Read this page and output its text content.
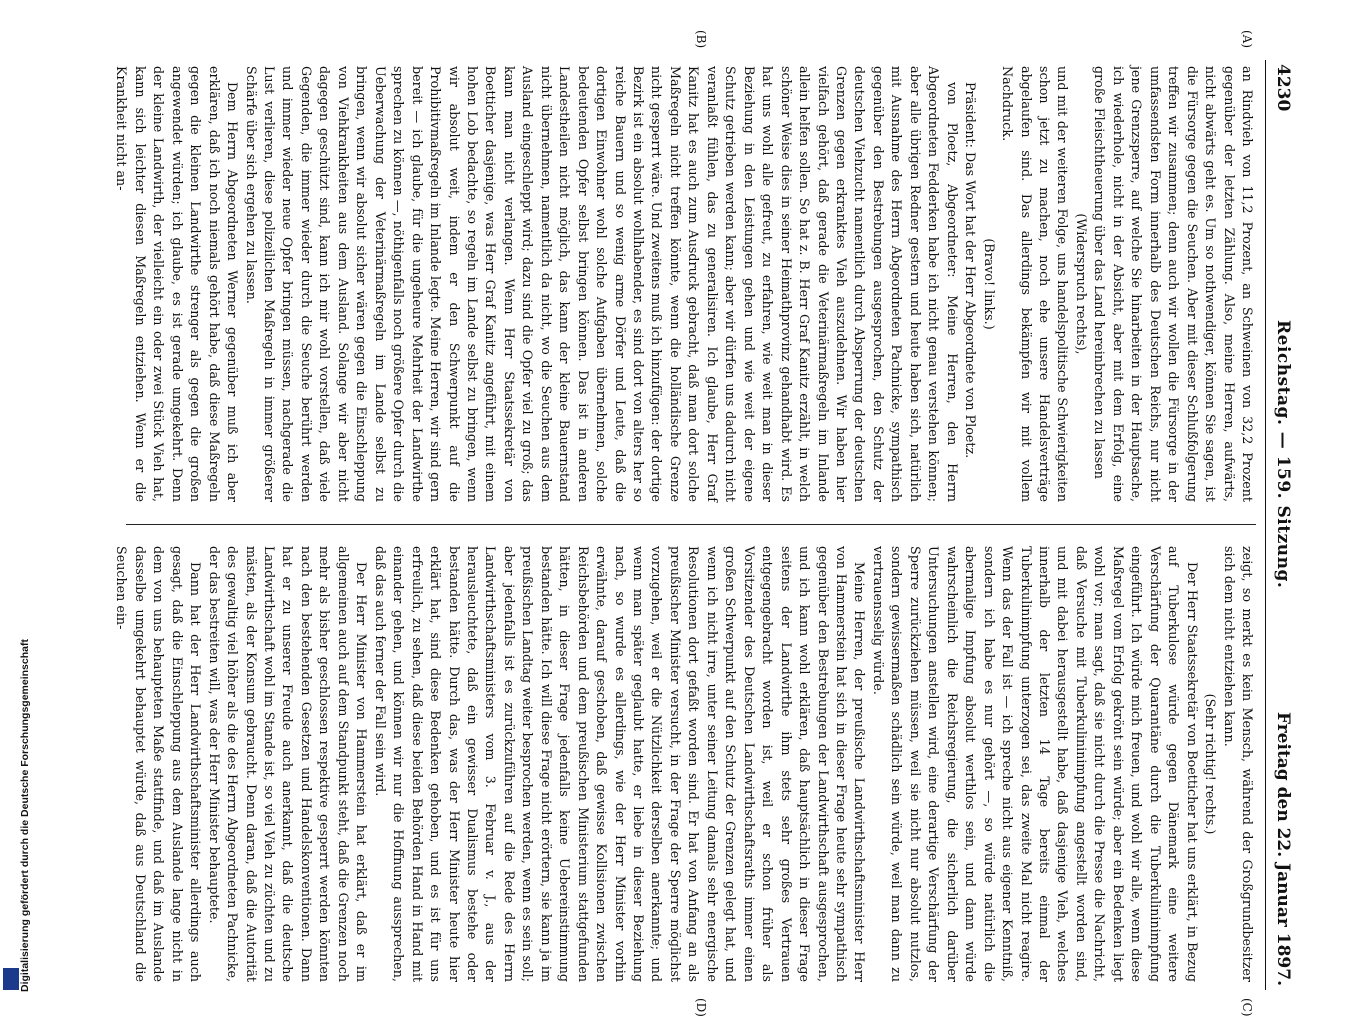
4230
Reichstag. — 159. Sitzung.
Freitag den 22. Januar 1897.
(A)
(B)
(C)
(D)

an Rindvieh von 11,2 Prozent, an Schweinen von 32,2 Prozent gegenüber der letzten Zählung. Also, meine Herren, aufwärts, nicht abwärts geht es. Um so nothwendiger, können Sie sagen, ist die Fürsorge gegen die Seuchen. Aber mit dieser Schlußfolgerung treffen wir zusammen; denn auch wir wollen die Fürsorge in der umfassendsten Form innerhalb des Deutschen Reichs, nur nicht jene Grenzsperre, auf welche Sie hinarbeiten in der Hauptsache, ich wiederhole, nicht in der Absicht, aber mit dem Erfolg, eine große Fleischtheuerung über das Land hereinbrechen zu lassen

(Widerspruch rechts),

und mit der weiteren Folge, uns handelspolitische Schwierigkeiten schon jetzt zu machen, noch ehe unsere Handelsverträge abgelaufen sind. Das allerdings bekämpfen wir mit vollem Nachdruck.

(Bravo! links.)

Präsident: Das Wort hat der Herr Abgeordnete von Ploetz.

von Ploetz, Abgeordneter: Meine Herren, den Herrn Abgeordneten Fedderken habe ich nicht genau verstehen können; aber alle übrigen Redner gestern und heute haben sich, natürlich mit Ausnahme des Herrn Abgeordneten Pachnicke, sympathisch gegenüber den Bestrebungen ausgesprochen, den Schutz der deutschen Viehzucht namentlich durch Absperrung der deutschen Grenzen gegen erkranktes Vieh auszudehnen. Wir haben hier vielfach gehört, daß gerade die Veterinärmaßregeln im Inlande allein helfen sollen. So hat z. B. Herr Graf Kanitz erzählt, in welch schöner Weise dies in seiner Heimathprovinz gehandhabt wird. Es hat uns wohl alle gefreut, zu erfahren, wie weit man in dieser Beziehung in den Leistungen gehen und wie weit der eigene Schutz getrieben werden kann; aber wir dürfen uns dadurch nicht veranlaßt fühlen, das zu generalisiren. Ich glaube, Herr Graf Kanitz hat es auch zum Ausdruck gebracht, daß man dort solche Maßregeln nicht treffen könnte, wenn die holländische Grenze nicht gesperrt wäre. Und zweitens muß ich hinzufügen: der dortige Bezirk ist ein absolut wohlhabender, es sind dort von alters her so reiche Bauern und so wenig arme Dörfer und Leute, daß die dortigen Einwohner wohl solche Aufgaben übernehmen, solche bedeutenden Opfer selbst bringen können. Das ist in anderen Landestheilen nicht möglich, das kann der kleine Bauernstand nicht übernehmen, namentlich da nicht, wo die Seuchen aus dem Ausland eingeschleppt wird; dazu sind die Opfer viel zu groß; das kann man nicht verlangen. Wenn Herr Staatssekretär von Boetticher dasjenige, was Herr Graf Kanitz angeführt, mit einem hohen Lob bedachte, so regeln im Lande selbst zu bringen, wenn wir absolut weit, indem er den Schwerpunkt auf die Prohibitivmaßregeln im Inlande legte. Meine Herren, wir sind gern bereit — ich glaube, für die ungeheure Mehrheit der Landwirthe sprechen zu können —, nöthigenfalls noch größere Opfer durch die Ueberwachung der Veterinärmaßregeln im Lande selbst zu bringen, wenn wir absolut sicher wären gegen die Einschleppung von Viehkrankheiten aus dem Ausland. Solange wir aber nicht dagegen geschützt sind, kann ich mir wohl vorstellen, daß viele Gegenden, die immer wieder durch die Seuche berührt werden und immer wieder neue Opfer bringen müssen, nachgerade die Lust verlieren, diese polizeilichen Maßregeln in immer größerer Schärfe über sich ergehen zu lassen.

Dem Herrn Abgeordneten Werner gegenüber muß ich aber erklären, daß ich noch niemals gehört habe, daß diese Maßregeln gegen die kleinen Landwirthe strenger als gegen die großen angewendet würden; ich glaube, es ist gerade umgekehrt. Denn der kleine Landwirth, der vielleicht ein oder zwei Stück Vieh hat, kann sich leichter diesen Maßregeln entziehen. Wenn er die Krankheit nicht an-

zeigt, so merkt es kein Mensch, während der Großgrundbesitzer sich dem nicht entziehen kann.

(Sehr richtig! rechts.)

Der Herr Staatssekretär von Boetticher hat uns erklärt, in Bezug auf Tuberkulose würde gegen Dänemark eine weitere Verschärfung der Quarantäne durch die Tuberkulininimpfung eingeführt. Ich würde mich freuen, und wohl wir alle, wenn diese Maßregel vom Erfolg gekrönt sein würde; aber ein Bedenken liegt wohl vor; man sagt, daß sie nicht durch die Presse die Nachricht, daß Versuche mit Tuberkulininimpfung angestellt worden sind, und mit dabei herausgestellt habe, daß dasjenige Vieh, welches innerhalb der letzten 14 Tage bereits einmal der Tuberkulinimpfung unterzogen sei, das zweite Mal nicht reagire. Wenn das der Fall ist — ich spreche nicht aus eigener Kenntniß, sondern ich habe es nur gehört —, so würde natürlich die abermalige Impfung absolut werthlos sein, und dann würde wahrscheinlich die Reichsregierung, die sicherlich darüber Untersuchungen anstellen wird, eine derartige Verschärfung der Sperre zurückziehen müssen, weil sie nicht nur absolut nutzlos, sondern gewissermaßen schädlich sein würde, weil man dann zu vertrauensselig würde.

Meine Herren, der preußische Landwirthschaftsminister Herr von Hammerstein hat sich in dieser Frage heute sehr sympathisch gegenüber den Bestrebungen der Landwirthschaft ausgesprochen, und ich kann wohl erklären, daß hauptsächlich in dieser Frage seitens der Landwirthe ihm stets sehr großes Vertrauen entgegengebracht worden ist, weil er schon früher als Vorsitzender des Deutschen Landwirthschaftsraths immer einen großen Schwerpunkt auf den Schutz der Grenzen gelegt hat, und wenn ich nicht irre, unter seiner Leitung damals sehr energische Resolutionen dort gefaßt worden sind. Er hat von Anfang an als preußischer Minister versucht, in der Frage der Sperre möglichst vorzugehen, weil er die Nützlichkeit derselben anerkannte; und wenn man später geglaubt hatte, er liebe in dieser Beziehung nach, so wurde es allerdings, wie der Herr Minister vorhin erwähnte, darauf geschoben, daß gewisse Kollisionen zwischen Reichsbehörden und dem preußischen Ministerium stattgefunden hätten, in dieser Frage jedenfalls keine Uebereinstimmung bestanden hätte. Ich will diese Frage nicht erörtern, sie kann ja im preußischen Landtag weiter besprochen werden, wenn es sein soll; aber jedenfalls ist es zurückzuführen auf die Rede des Herrn Landwirthschaftsministers vom 3. Februar v. J., aus der herausleuchtete, daß ein gewisser Dualismus bestehe oder bestanden hätte. Durch das, was der Herr Minister heute hier erklärt hat, sind diese Bedenken gehoben, und es ist für uns erfreulich, zu sehen, daß diese beiden Behörden Hand in Hand mit einander gehen, und können wir nur die Hoffnung aussprechen, daß das auch ferner der Fall sein wird.

Der Herr Minister von Hammerstein hat erklärt, daß er im allgemeinen auch auf dem Standpunkt steht, daß die Grenzen noch mehr als bisher geschlossen respektive gesperrt werden könnten nach den bestehenden Gesetzen und Handelskonventionen. Dann hat er zu unserer Freude auch anerkannt, daß die deutsche Landwirthschaft wohl im Stande ist, so viel Vieh zu züchten und zu mästen, als der Konsum gebraucht. Denn daran, daß die Autorität des gewaltig viel höher als die des Herrn Abgeordneten Pachnicke, der das bestreiten will, was der Herr Minister behauptete.

Dann hat der Herr Landwirthschaftsminister allerdings auch gesagt, daß die Einschleppung aus dem Auslande lange nicht in dem von uns behaupteten Maße stattfinde, und daß im Auslande dasselbe umgekehrt behauptet würde, daß aus Deutschland die Seuchen ein-

Digitalisierung gefördert durch die Deutsche Forschungsgemeinschaft
